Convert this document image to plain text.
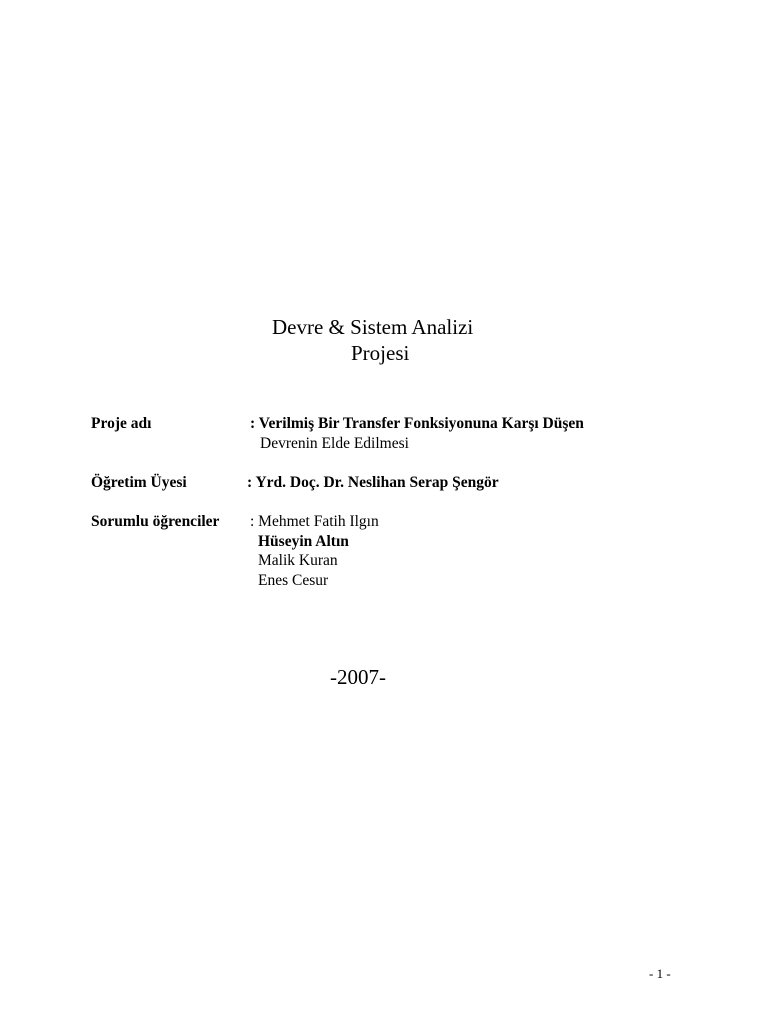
Devre & Sistem Analizi
Projesi
Proje adı	: Verilmiş Bir Transfer Fonksiyonuna Karşı Düşen
Devrenin Elde Edilmesi
Öğretim Üyesi	: Yrd. Doç. Dr. Neslihan Serap Şengör
Sorumlu öğrenciler : Mehmet Fatih Ilgın
Hüseyin Altın
Malik Kuran
Enes Cesur
-2007-
- 1 -
